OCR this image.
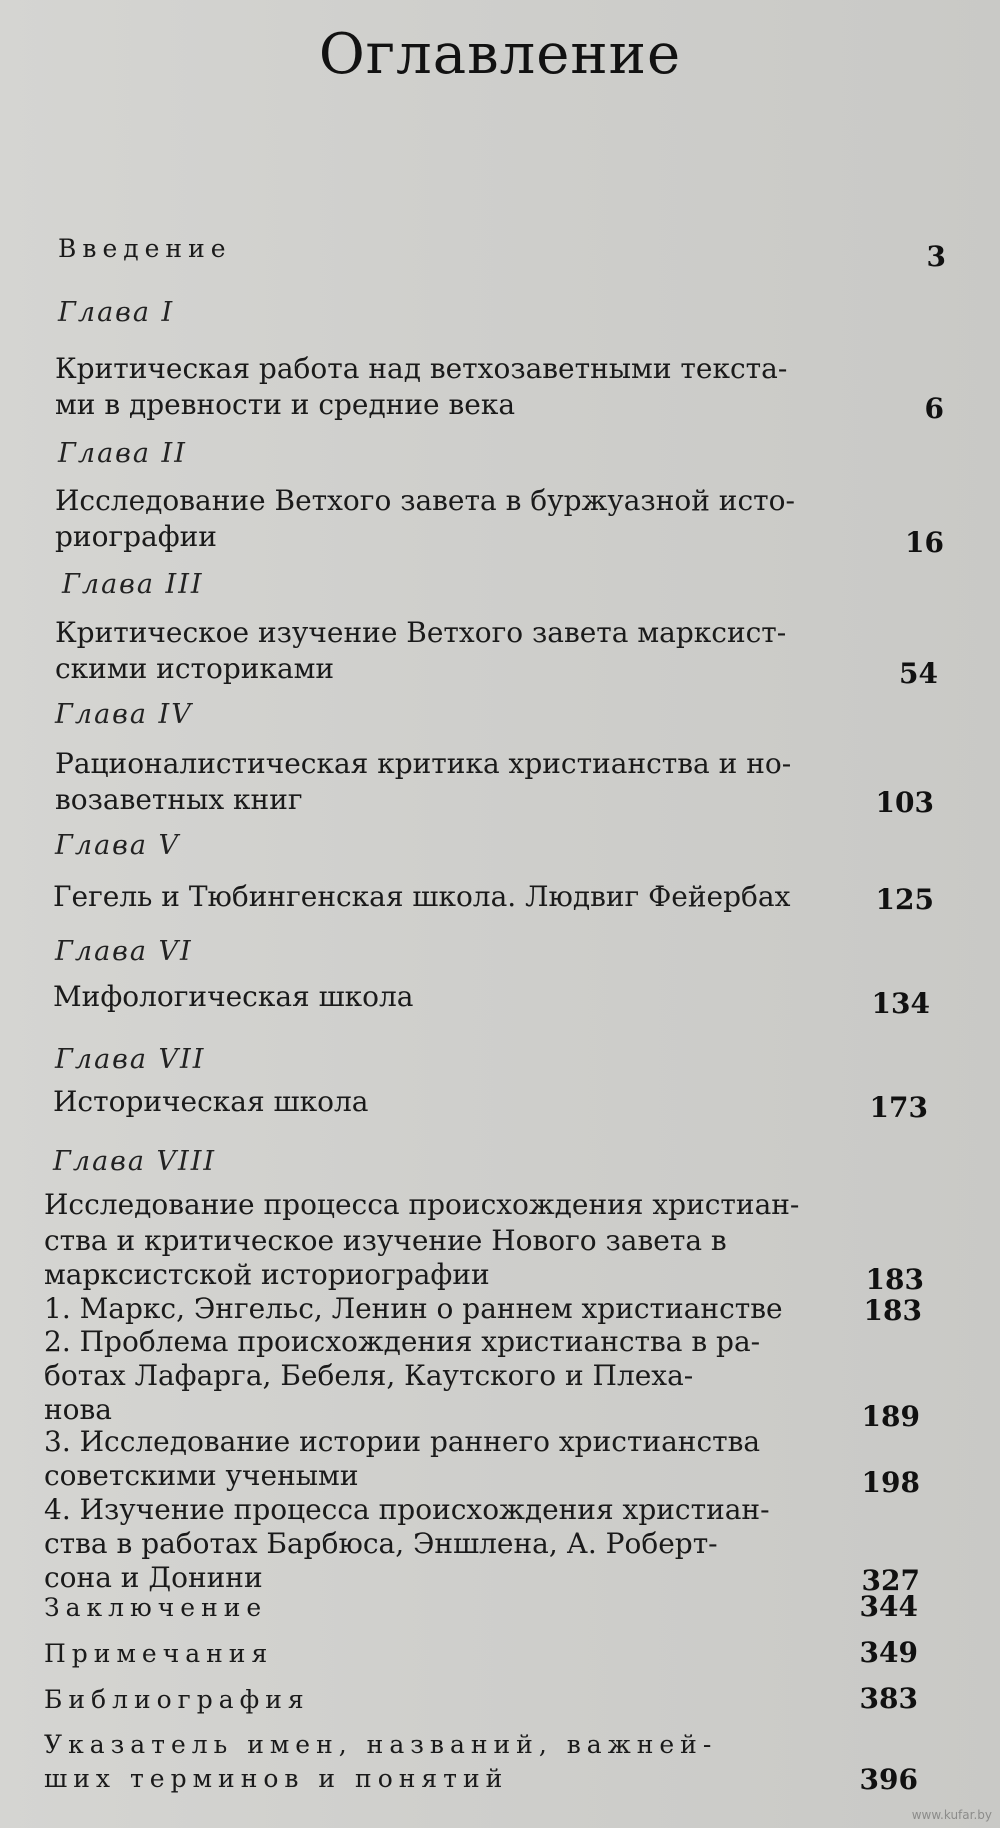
Оглавление
Введение	3
Глава I
Критическая работа над ветхозаветными текста-
ми в древности и средние века	6
Глава II
Исследование Ветхого завета в буржуазной исто-
риографии	16
Глава III
Критическое изучение Ветхого завета марксист-
скими историками	54
Глава IV
Рационалистическая критика христианства и но-
возаветных книг	103
Глава V
Гегель и Тюбингенская школа. Людвиг Фейербах	125
Глава VI
Мифологическая школа	134
Глава VII
Историческая школа	173
Глава VIII
Исследование процесса происхождения христиан-
ства и критическое изучение Нового завета в
марксистской историографии	183
1. Маркс, Энгельс, Ленин о раннем христианстве	183
2. Проблема происхождения христианства в ра-
ботах Лафарга, Бебеля, Каутского и Плеха-
нова	189
3. Исследование истории раннего христианства
советскими учеными	198
4. Изучение процесса происхождения христиан-
ства в работах Барбюса, Эншлена, А. Роберт-
сона и Донини	327
Заключение	344
Примечания	349
Библиография	383
Указатель имен, названий, важней-
ших терминов и понятий	396
www.kufar.by
